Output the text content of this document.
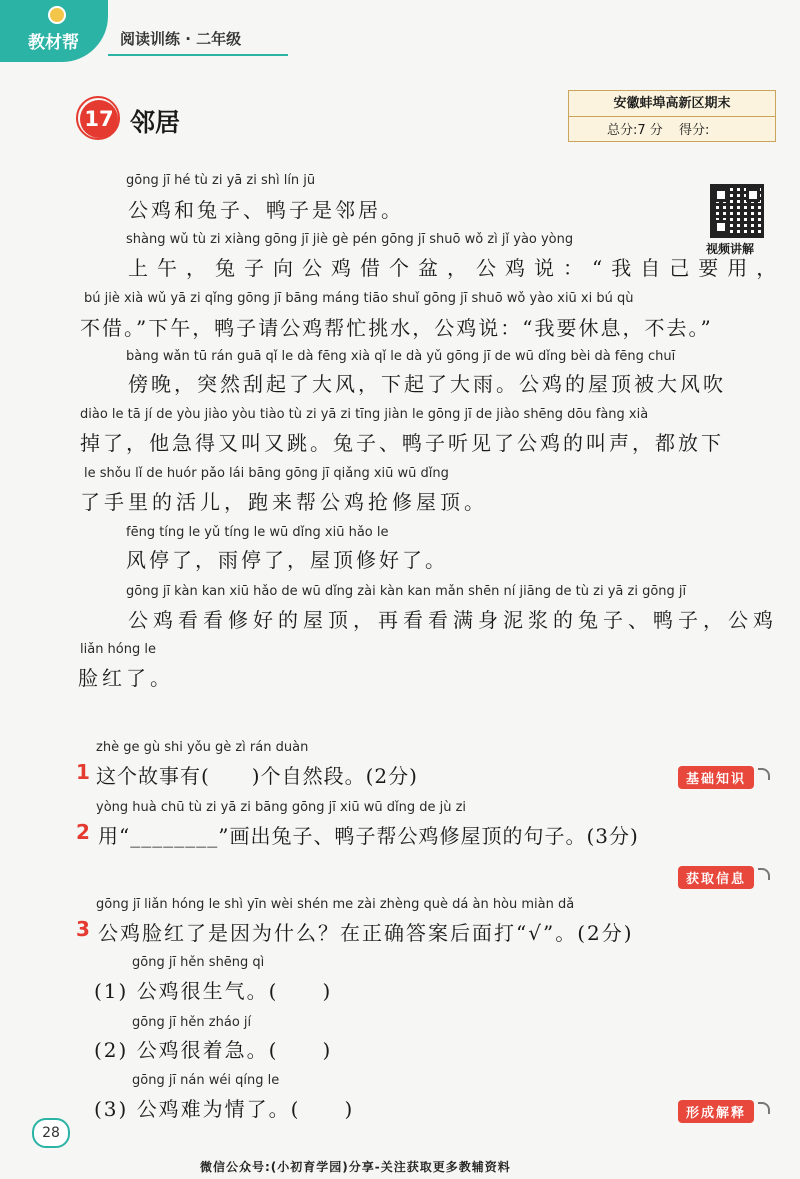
教材帮	阅读训练 · 二年级
17 邻居
安徽蚌埠高新区期末
总分:7 分 得分:
视频讲解
gōng jī hé tù zi yā zi shì lín jū
公鸡和兔子、鸭子是邻居。
shàng wǔ tù zi xiàng gōng jī jiè gè pén gōng jī shuō wǒ zì jǐ yào yòng
上午，兔子向公鸡借个盆，公鸡说：“我自己要用，
bú jiè xià wǔ yā zi qǐng gōng jī bāng máng tiāo shuǐ gōng jī shuō wǒ yào xiū xi bú qù
不借。”下午，鸭子请公鸡帮忙挑水，公鸡说：“我要休息，不去。”
bàng wǎn tū rán guā qǐ le dà fēng xià qǐ le dà yǔ gōng jī de wū dǐng bèi dà fēng chuī
傍晚，突然刮起了大风，下起了大雨。公鸡的屋顶被大风吹
diào le tā jí de yòu jiào yòu tiào tù zi yā zi tīng jiàn le gōng jī de jiào shēng dōu fàng xià
掉了，他急得又叫又跳。兔子、鸭子听见了公鸡的叫声，都放下
le shǒu lǐ de huór pǎo lái bāng gōng jī qiǎng xiū wū dǐng
了手里的活儿，跑来帮公鸡抢修屋顶。
fēng tíng le yǔ tíng le wū dǐng xiū hǎo le
风停了，雨停了，屋顶修好了。
gōng jī kàn kan xiū hǎo de wū dǐng zài kàn kan mǎn shēn ní jiāng de tù zi yā zi gōng jī
公鸡看看修好的屋顶，再看看满身泥浆的兔子、鸭子，公鸡
liǎn hóng le
脸红了。
zhè ge gù shi yǒu gè zì rán duàn
1 这个故事有(　　)个自然段。(2分)	基础知识
yòng huà chū tù zi yā zi bāng gōng jī xiū wū dǐng de jù zi
2 用“________”画出兔子、鸭子帮公鸡修屋顶的句子。(3分)
获取信息
gōng jī liǎn hóng le shì yīn wèi shén me zài zhèng què dá àn hòu miàn dǎ
3 公鸡脸红了是因为什么？在正确答案后面打“√”。(2分)
gōng jī hěn shēng qì
(1) 公鸡很生气。(　　)
gōng jī hěn zháo jí
(2) 公鸡很着急。(　　)
gōng jī nán wéi qíng le
(3) 公鸡难为情了。(　　)	形成解释
28
微信公众号:(小初育学园)分享-关注获取更多教辅资料
